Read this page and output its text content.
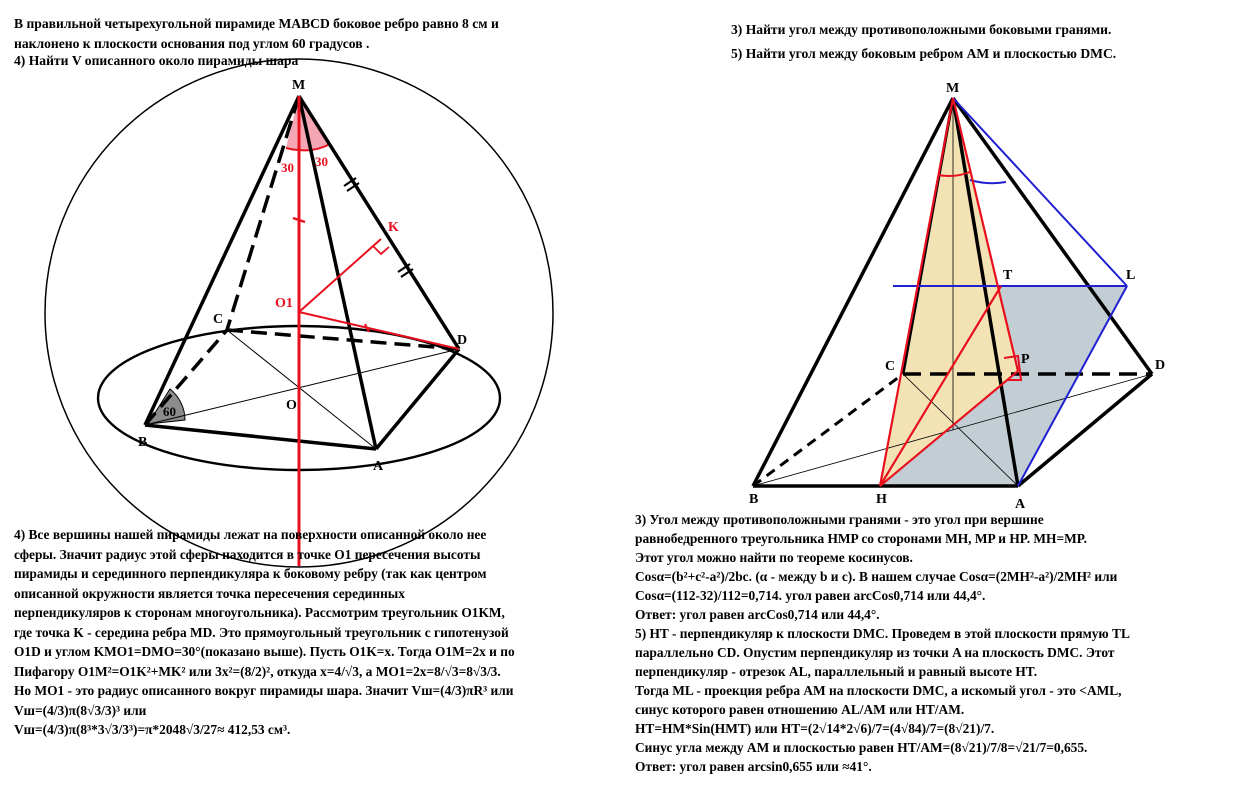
В правильной четырехугольной пирамиде MABCD боковое ребро равно 8 см и
наклонено к плоскости основания под углом 60 градусов .
4) Найти V описанного около пирамиды шара
3) Найти угол между противоположными боковыми гранями.
5) Найти угол между боковым ребром AM и плоскостью DMC.
M
K
O1
C
D
O
B
A
30 30
60
M
T	L
C	D
P
B	H	A
4) Все вершины нашей пирамиды лежат на поверхности описанной около нее
сферы. Значит радиус этой сферы находится в точке O1 пересечения высоты
пирамиды и серединного перпендикуляра к боковому ребру (так как центром
описанной окружности является точка пересечения серединных
перпендикуляров к сторонам многоугольника). Рассмотрим треугольник O1KM,
где точка K - середина ребра MD. Это прямоугольный треугольник с гипотенузой
O1D и углом KMO1=DMO=30°(показано выше). Пусть O1K=x. Тогда O1M=2x и по
Пифагору O1M²=O1K²+MK² или 3x²=(8/2)², откуда x=4/√3, а MO1=2x=8/√3=8√3/3.
Но MO1 - это радиус описанного вокруг пирамиды шара. Значит Vш=(4/3)πR³ или
Vш=(4/3)π(8√3/3)³ или
Vш=(4/3)π(8³*3√3/3³)=π*2048√3/27≈ 412,53 см³.
3) Угол между противоположными гранями - это угол при вершине
равнобедренного треугольника HMP со сторонами MH, MP и HP. MH=MP.
Этот угол можно найти по теореме косинусов.
Cosα=(b²+c²-a²)/2bc. (α - между b и c). В нашем случае Cosα=(2MH²-a²)/2MH² или
Cosα=(112-32)/112=0,714. угол равен arcCos0,714 или 44,4°.
Ответ: угол равен arcCos0,714 или 44,4°.
5) HT - перпендикуляр к плоскости DMC. Проведем в этой плоскости прямую TL
параллельно CD. Опустим перпендикуляр из точки A на плоскость DMC. Этот
перпендикуляр - отрезок AL, параллельный и равный высоте HT.
Тогда ML - проекция ребра AM на плоскости DMC, а искомый угол - это <AML,
синус которого равен отношению AL/AM или HT/AM.
HT=HM*Sin(HMT) или HT=(2√14*2√6)/7=(4√84)/7=(8√21)/7.
Синус угла между AM и плоскостью равен HT/AM=(8√21)/7/8=√21/7=0,655.
Ответ: угол равен arcsin0,655 или ≈41°.
